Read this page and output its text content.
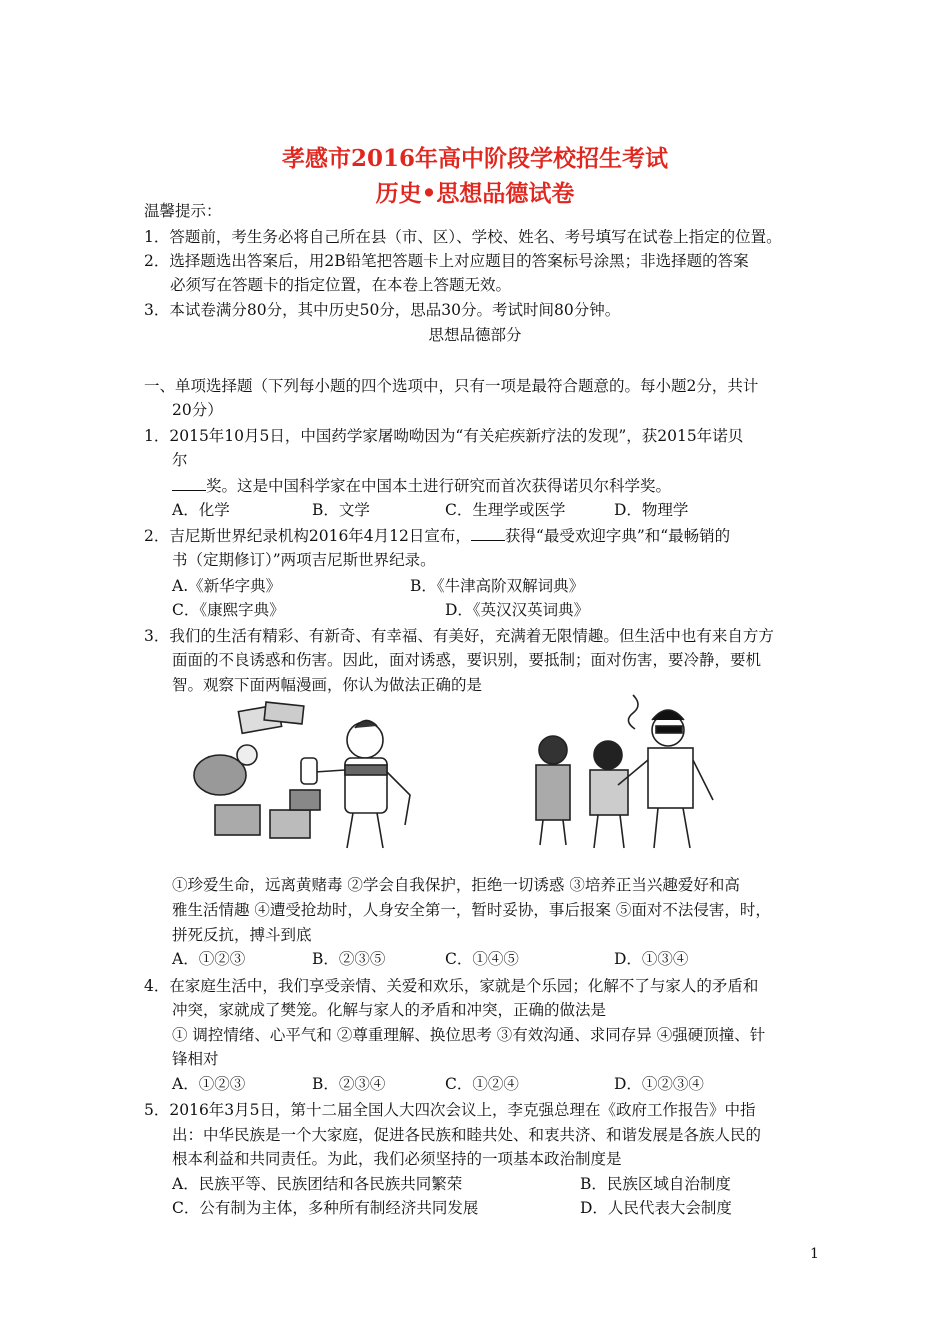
孝感市2016年高中阶段学校招生考试
历史•思想品德试卷
温馨提示：
1．答题前，考生务必将自己所在县（市、区）、学校、姓名、考号填写在试卷上指定的位置。
2．选择题选出答案后，用2B铅笔把答题卡上对应题目的答案标号涂黑；非选择题的答案
必须写在答题卡的指定位置，在本卷上答题无效。
3．本试卷满分80分，其中历史50分，思品30分。考试时间80分钟。
思想品德部分
一、单项选择题（下列每小题的四个选项中，只有一项是最符合题意的。每小题2分，共计
20分）
1．2015年10月5日，中国药学家屠呦呦因为“有关疟疾新疗法的发现”，获2015年诺贝
尔
奖。这是中国科学家在中国本土进行研究而首次获得诺贝尔科学奖。
A．化学	B．文学	C．生理学或医学	D．物理学
2．吉尼斯世界纪录机构2016年4月12日宣布， 获得“最受欢迎字典”和“最畅销的
书（定期修订）”两项吉尼斯世界纪录。
A.《新华字典》	B．《牛津高阶双解词典》
C．《康熙字典》	D．《英汉汉英词典》
3．我们的生活有精彩、有新奇、有幸福、有美好，充满着无限情趣。但生活中也有来自方方
面面的不良诱惑和伤害。因此，面对诱惑，要识别，要抵制；面对伤害，要冷静，要机
智。观察下面两幅漫画，你认为做法正确的是
①珍爱生命，远离黄赌毒 ②学会自我保护，拒绝一切诱惑 ③培养正当兴趣爱好和高
雅生活情趣 ④遭受抢劫时，人身安全第一，暂时妥协，事后报案 ⑤面对不法侵害，时，
拼死反抗，搏斗到底
A．①②③	B．②③⑤	C．①④⑤	D．①③④
4．在家庭生活中，我们享受亲情、关爱和欢乐，家就是个乐园；化解不了与家人的矛盾和
冲突，家就成了樊笼。化解与家人的矛盾和冲突，正确的做法是
① 调控情绪、心平气和 ②尊重理解、换位思考 ③有效沟通、求同存异 ④强硬顶撞、针
锋相对
A．①②③	B．②③④	C．①②④	D．①②③④
5．2016年3月5日，第十二届全国人大四次会议上，李克强总理在《政府工作报告》中指
出：中华民族是一个大家庭，促进各民族和睦共处、和衷共济、和谐发展是各族人民的
根本利益和共同责任。为此，我们必须坚持的一项基本政治制度是
A．民族平等、民族团结和各民族共同繁荣	B．民族区域自治制度
C．公有制为主体，多种所有制经济共同发展	D．人民代表大会制度
1
